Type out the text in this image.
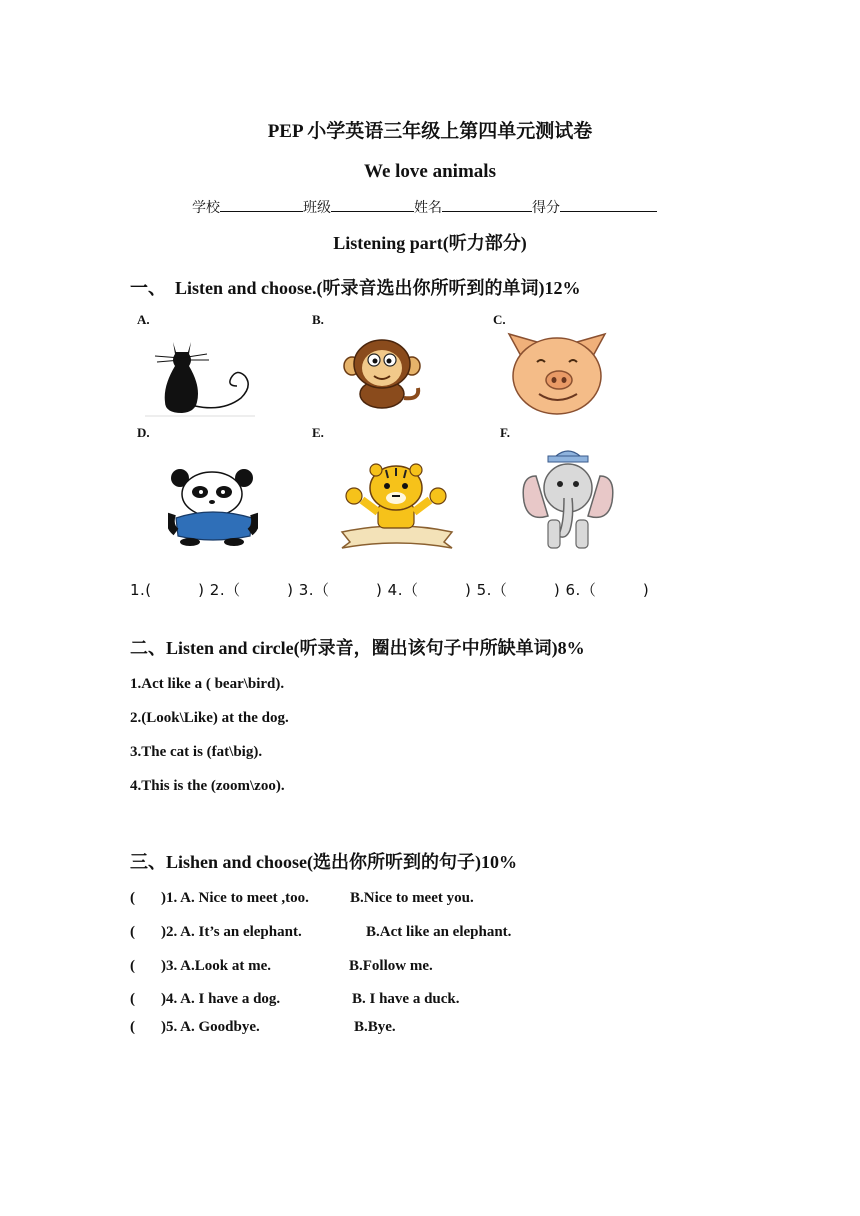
PEP 小学英语三年级上第四单元测试卷
We love animals
学校	班级	姓名	得分
Listening part(听力部分)
一、　Listen and choose.(听录音选出你所听到的单词)12%
A.	B.	C.
D.	E.	F.
1.(　　　) 2.（　　　) 3.（　　　) 4.（　　　) 5.（　　　) 6.（　　　)
二、Listen and circle(听录音，圈出该句子中所缺单词)8%
1.Act like a ( bear\bird).
2.(Look\Like) at the dog.
3.The cat is (fat\big).
4.This is the (zoom\zoo).
三、Lishen and choose(选出你所听到的句子)10%
( )1. A. Nice to meet ,too.	B.Nice to meet you.
( )2. A. It’s an elephant.	B.Act like an elephant.
( )3. A.Look at me.	B.Follow me.
( )4. A. I have a dog.	B. I have a duck.
( )5. A. Goodbye.	B.Bye.
